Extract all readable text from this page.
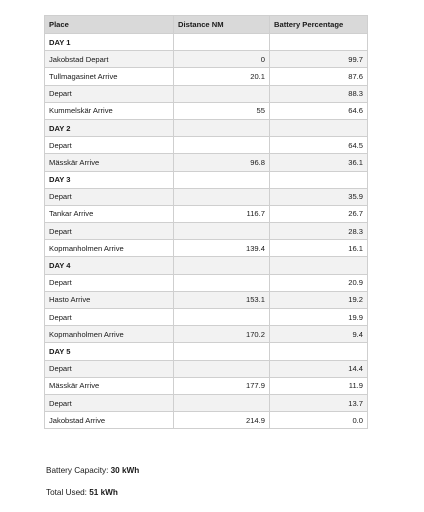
Place	Distance NM	Battery Percentage
DAY 1		
Jakobstad Depart	0	99.7
Tullmagasinet Arrive	20.1	87.6
Depart		88.3
Kummelskär Arrive	55	64.6
DAY 2		
Depart		64.5
Mässkär Arrive	96.8	36.1
DAY 3		
Depart		35.9
Tankar Arrive	116.7	26.7
Depart		28.3
Kopmanholmen Arrive	139.4	16.1
DAY 4		
Depart		20.9
Hasto Arrive	153.1	19.2
Depart		19.9
Kopmanholmen Arrive	170.2	9.4
DAY 5		
Depart		14.4
Mässkär Arrive	177.9	11.9
Depart		13.7
Jakobstad Arrive	214.9	0.0
Battery Capacity: 30 kWh
Total Used: 51 kWh
